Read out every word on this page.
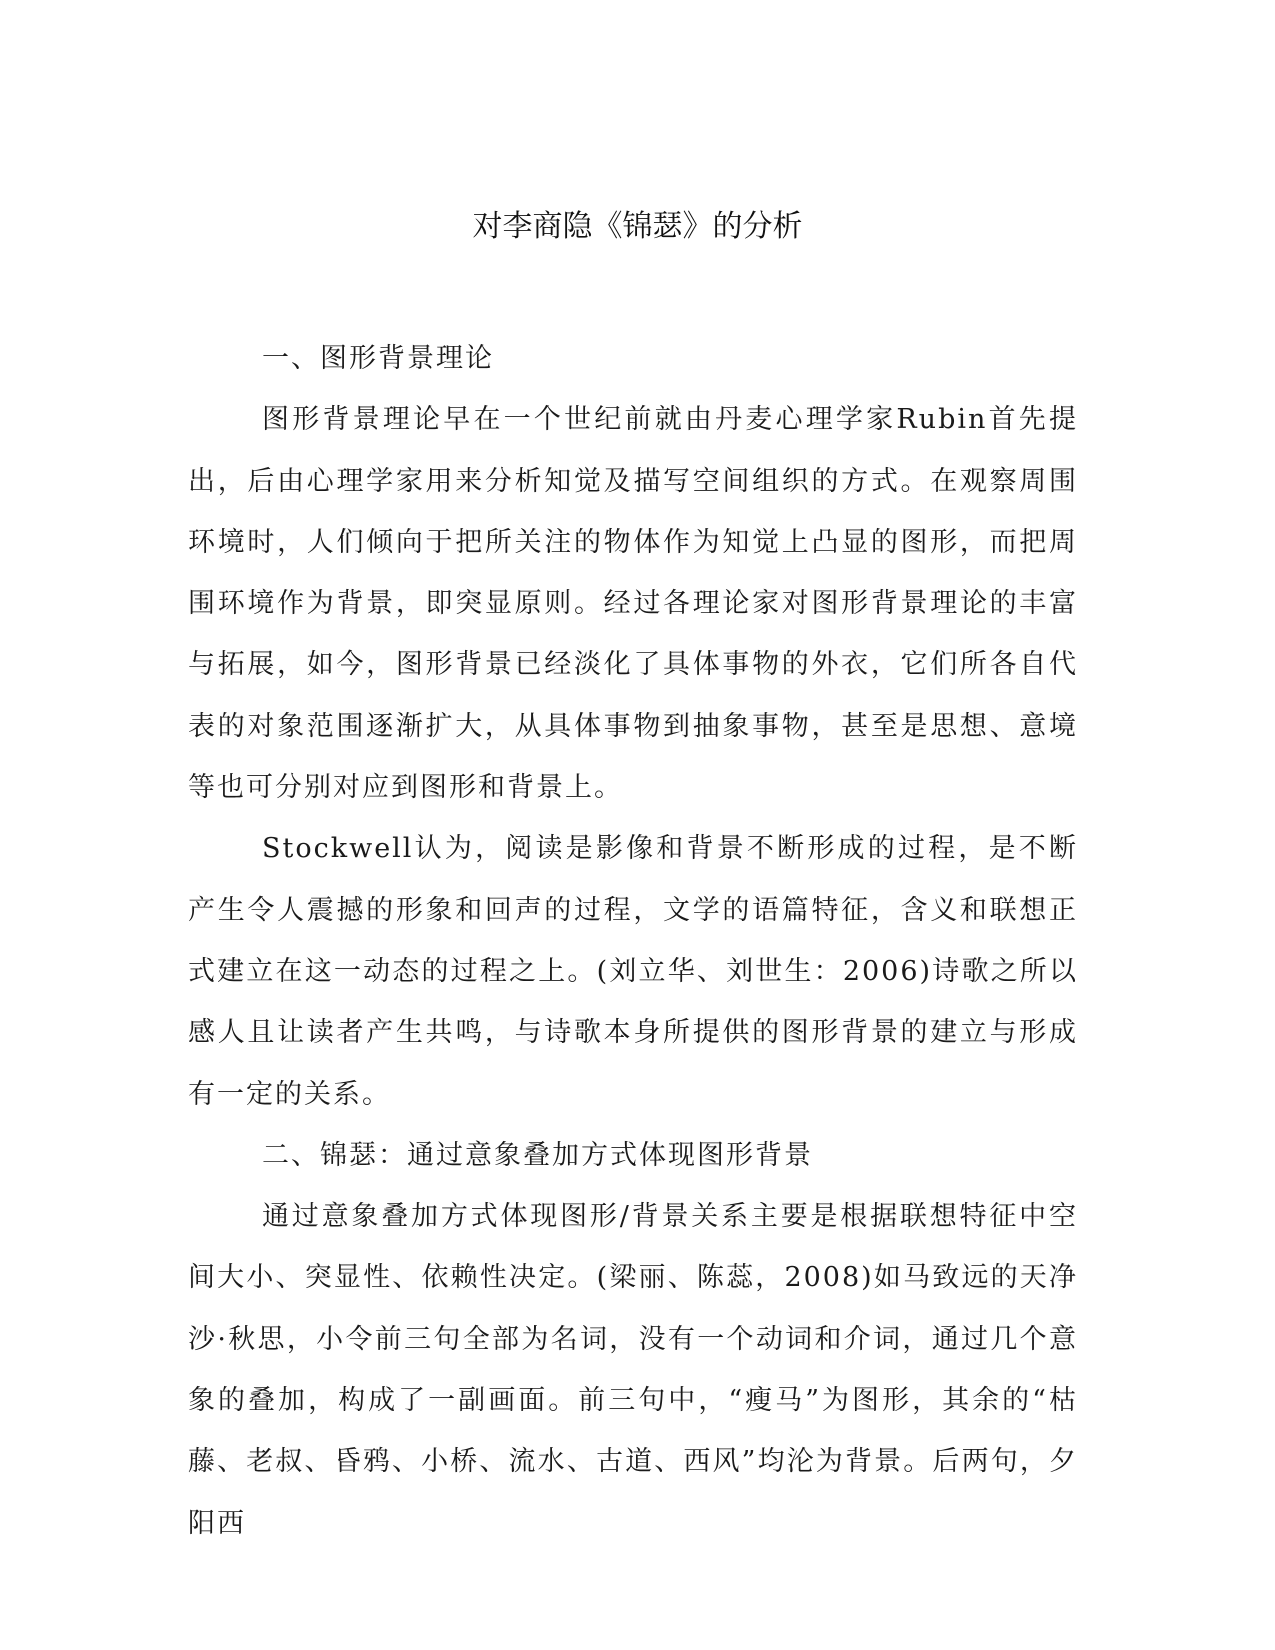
对李商隐《锦瑟》的分析

一、图形背景理论

图形背景理论早在一个世纪前就由丹麦心理学家Rubin首先提出，后由心理学家用来分析知觉及描写空间组织的方式。在观察周围环境时，人们倾向于把所关注的物体作为知觉上凸显的图形，而把周围环境作为背景，即突显原则。经过各理论家对图形背景理论的丰富与拓展，如今，图形背景已经淡化了具体事物的外衣，它们所各自代表的对象范围逐渐扩大，从具体事物到抽象事物，甚至是思想、意境等也可分别对应到图形和背景上。

Stockwell认为，阅读是影像和背景不断形成的过程，是不断产生令人震撼的形象和回声的过程，文学的语篇特征，含义和联想正式建立在这一动态的过程之上。(刘立华、刘世生：2006)诗歌之所以感人且让读者产生共鸣，与诗歌本身所提供的图形背景的建立与形成有一定的关系。

二、锦瑟：通过意象叠加方式体现图形背景

通过意象叠加方式体现图形/背景关系主要是根据联想特征中空间大小、突显性、依赖性决定。(梁丽、陈蕊，2008)如马致远的天净沙·秋思，小令前三句全部为名词，没有一个动词和介词，通过几个意象的叠加，构成了一副画面。前三句中，“瘦马”为图形，其余的“枯藤、老叔、昏鸦、小桥、流水、古道、西风”均沦为背景。后两句，夕阳西
